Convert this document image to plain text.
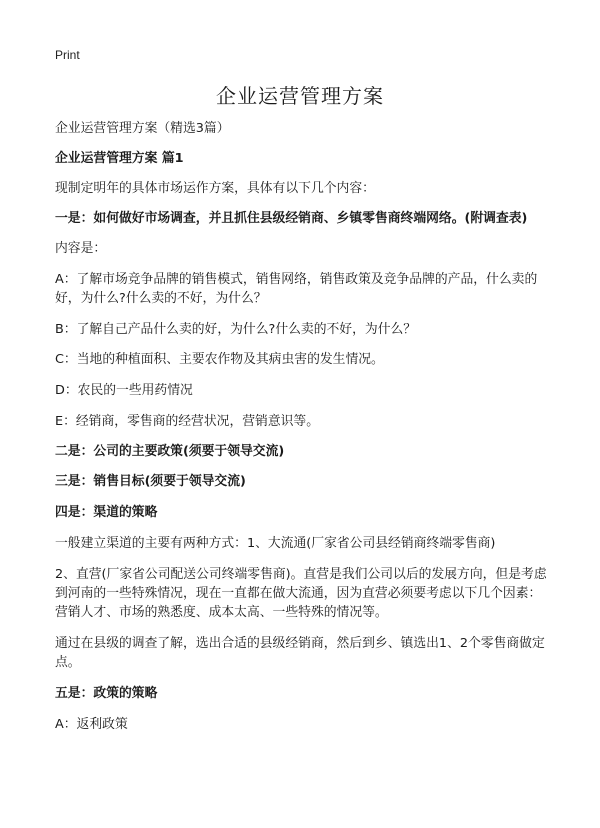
Print
企业运营管理方案

企业运营管理方案（精选3篇）

企业运营管理方案 篇1

现制定明年的具体市场运作方案，具体有以下几个内容：

一是：如何做好市场调查，并且抓住县级经销商、乡镇零售商终端网络。(附调查表)

内容是：

A：了解市场竞争品牌的销售模式，销售网络，销售政策及竞争品牌的产品，什么卖的好，为什么?什么卖的不好，为什么？

B：了解自己产品什么卖的好，为什么?什么卖的不好，为什么？

C：当地的种植面积、主要农作物及其病虫害的发生情况。

D：农民的一些用药情况

E：经销商，零售商的经营状况，营销意识等。

二是：公司的主要政策(须要于领导交流)

三是：销售目标(须要于领导交流)

四是：渠道的策略

一般建立渠道的主要有两种方式：1、大流通(厂家省公司县经销商终端零售商)

2、直营(厂家省公司配送公司终端零售商)。直营是我们公司以后的发展方向，但是考虑到河南的一些特殊情况，现在一直都在做大流通，因为直营必须要考虑以下几个因素：营销人才、市场的熟悉度、成本太高、一些特殊的情况等。

通过在县级的调查了解，选出合适的县级经销商，然后到乡、镇选出1、2个零售商做定点。

五是：政策的策略

A：返利政策
